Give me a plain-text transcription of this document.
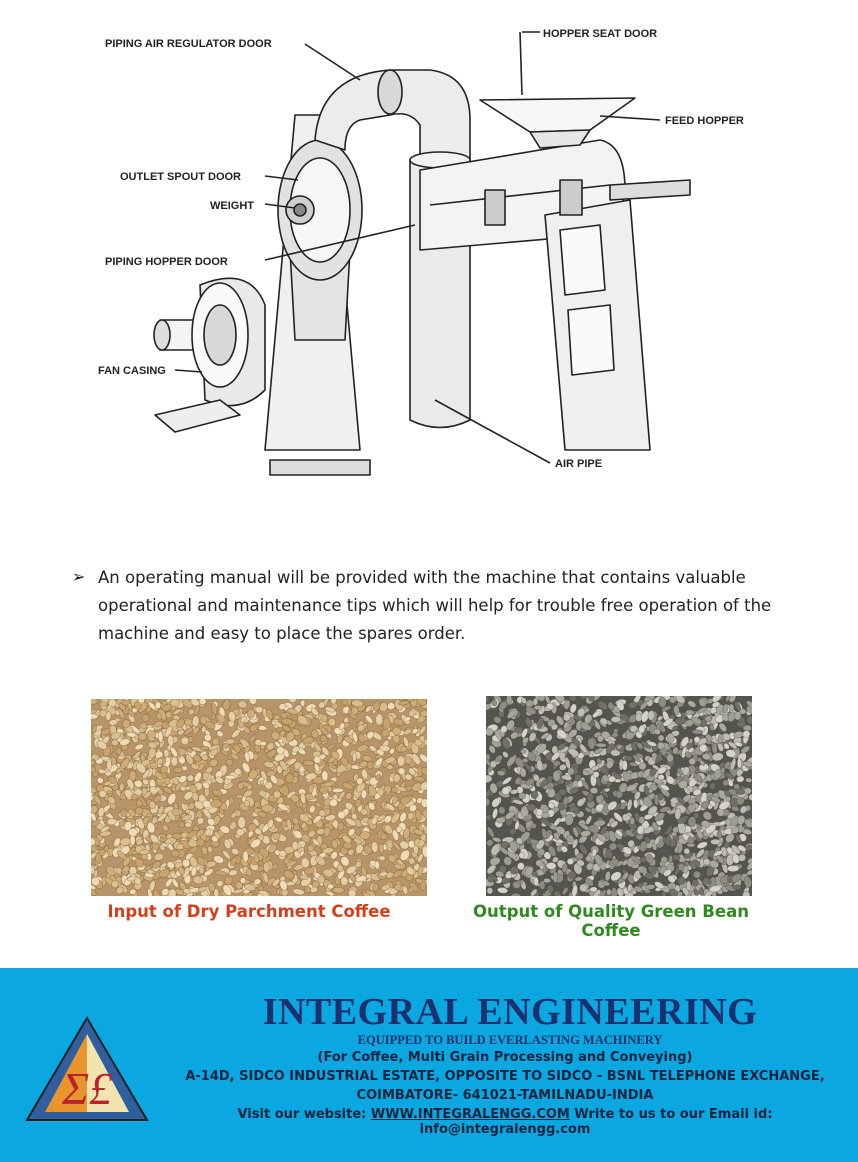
PIPING AIR REGULATOR DOOR
HOPPER SEAT DOOR
FEED HOPPER
OUTLET SPOUT DOOR
WEIGHT
PIPING HOPPER DOOR
FAN CASING
AIR PIPE
➢ An operating manual will be provided with the machine that contains valuable
operational and maintenance tips which will help for trouble free operation of the
machine and easy to place the spares order.
Input of Dry Parchment Coffee	Output of Quality Green Bean Coffee
Σ£
INTEGRAL ENGINEERING
EQUIPPED TO BUILD EVERLASTING MACHINERY
(For Coffee, Multi Grain Processing and Conveying)
A-14D, SIDCO INDUSTRIAL ESTATE, OPPOSITE TO SIDCO - BSNL TELEPHONE EXCHANGE,
COIMBATORE- 641021-TAMILNADU-INDIA
Visit our website: WWW.INTEGRALENGG.COM Write to us to our Email id: info@integralengg.com
